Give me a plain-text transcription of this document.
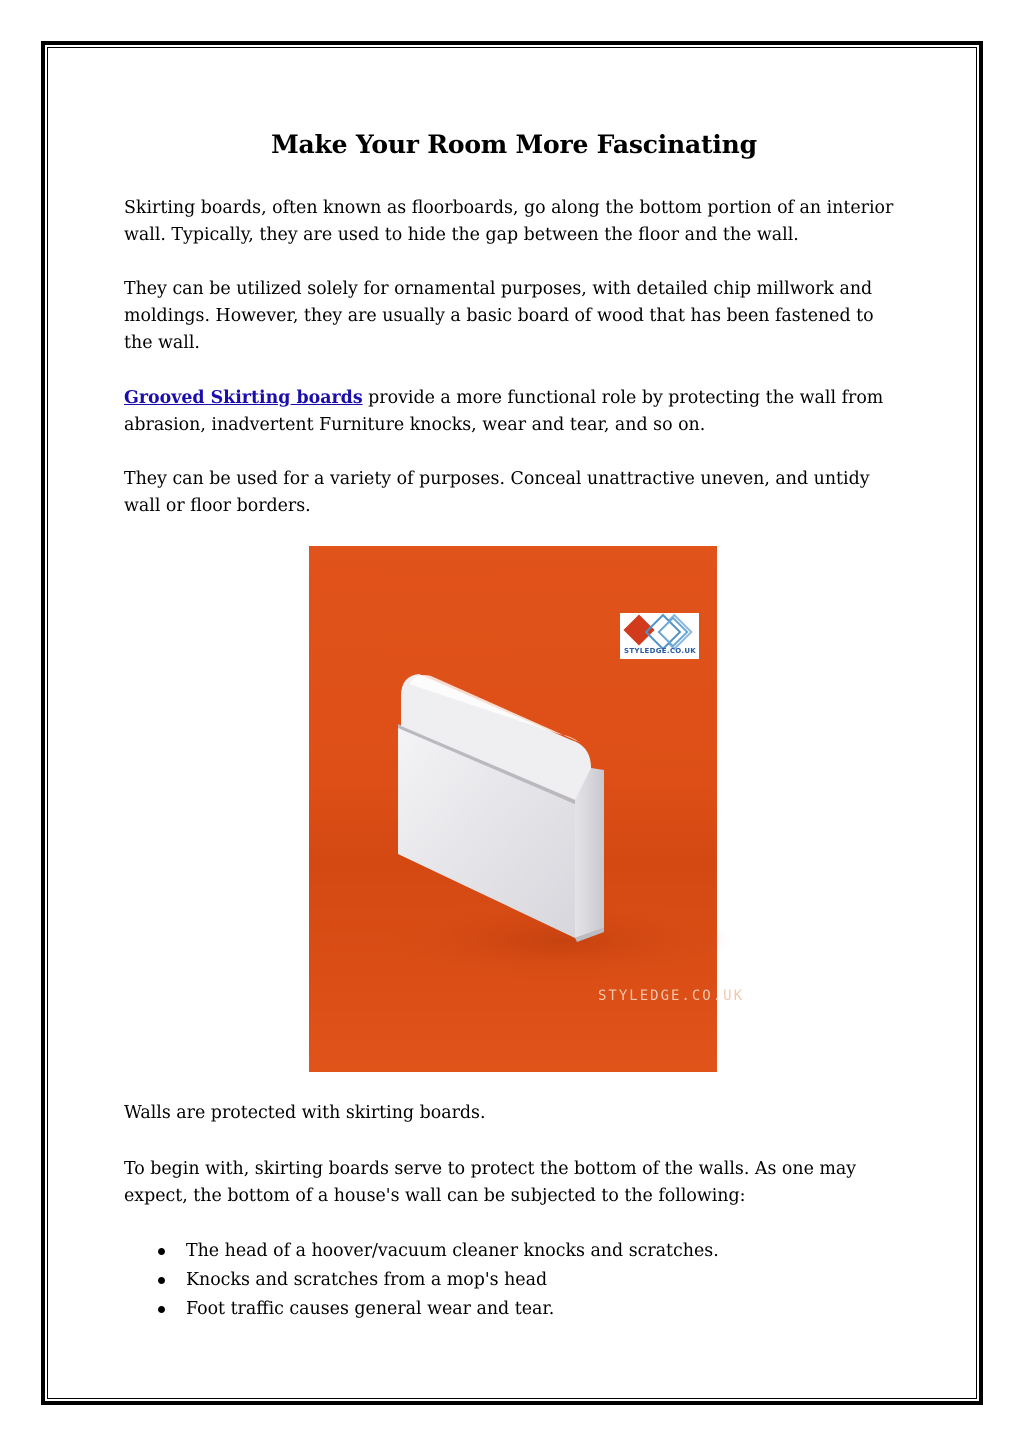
Make Your Room More Fascinating

Skirting boards, often known as floorboards, go along the bottom portion of an interior wall. Typically, they are used to hide the gap between the floor and the wall.

They can be utilized solely for ornamental purposes, with detailed chip millwork and moldings. However, they are usually a basic board of wood that has been fastened to the wall.

Grooved Skirting boards provide a more functional role by protecting the wall from abrasion, inadvertent Furniture knocks, wear and tear, and so on.

They can be used for a variety of purposes. Conceal unattractive uneven, and untidy wall or floor borders.

STYLEDGE.CO.UK
STYLEDGE.CO.UK

Walls are protected with skirting boards.

To begin with, skirting boards serve to protect the bottom of the walls. As one may expect, the bottom of a house's wall can be subjected to the following:

The head of a hoover/vacuum cleaner knocks and scratches.
Knocks and scratches from a mop's head
Foot traffic causes general wear and tear.
